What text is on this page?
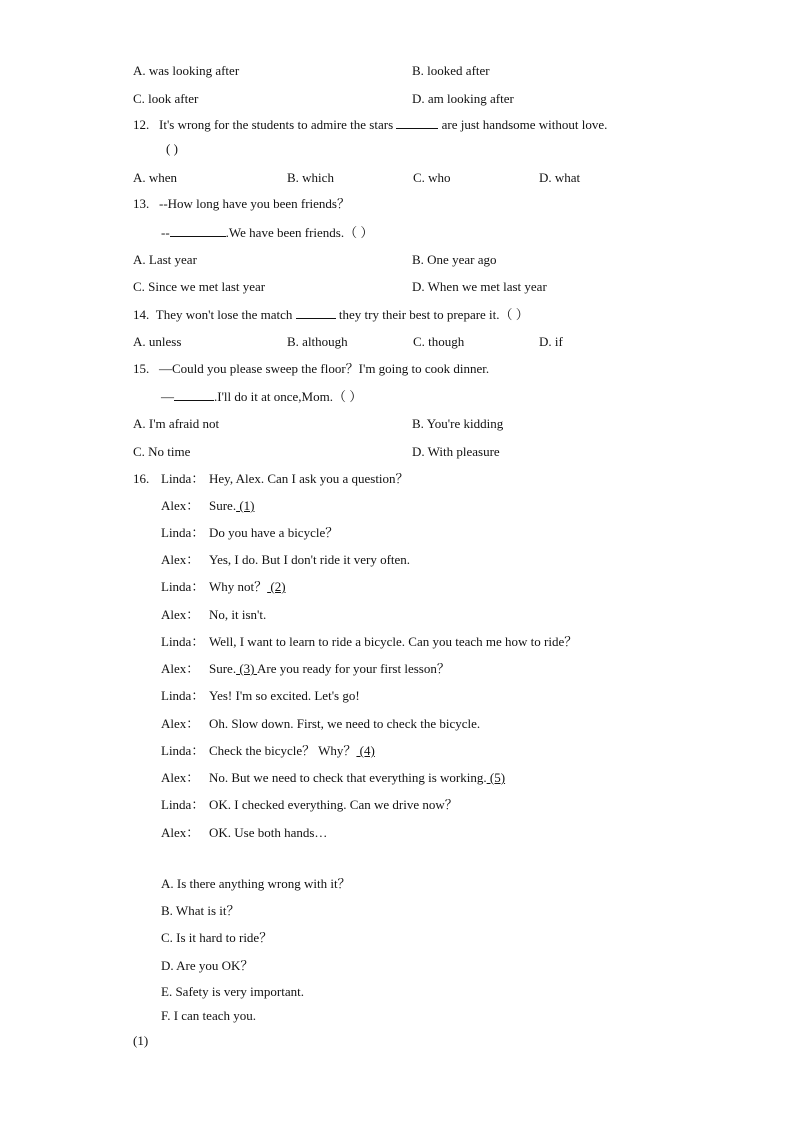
A. was looking after	B. looked after
C. look after	D. am looking after
12. It's wrong for the students to admire the stars	are just handsome without love.
( )
A. when	B. which	C. who	D. what
13. --How long have you been friends？
--	.We have been friends.（ ）
A. Last year	B. One year ago
C. Since we met last year	D. When we met last year
14. They won't lose the match	they try their best to prepare it.（ ）
A. unless	B. although	C. though	D. if
15. —Could you please sweep the floor？I'm going to cook dinner.
—	.I'll do it at once,Mom.（ ）
A. I'm afraid not	B. You're kidding
C. No time	D. With pleasure
16. Linda： Hey, Alex. Can I ask you a question？
Alex： Sure. (1)
Linda： Do you have a bicycle？
Alex： Yes, I do. But I don't ride it very often.
Linda： Why not？ (2)
Alex： No, it isn't.
Linda： Well, I want to learn to ride a bicycle. Can you teach me how to ride？
Alex： Sure. (3) Are you ready for your first lesson？
Linda： Yes! I'm so excited. Let's go!
Alex： Oh. Slow down. First, we need to check the bicycle.
Linda： Check the bicycle？ Why？ (4)
Alex： No. But we need to check that everything is working. (5)
Linda： OK. I checked everything. Can we drive now？
Alex： OK. Use both hands…
A. Is there anything wrong with it？
B. What is it？
C. Is it hard to ride？
D. Are you OK？
E. Safety is very important.
F. I can teach you.
(1)
